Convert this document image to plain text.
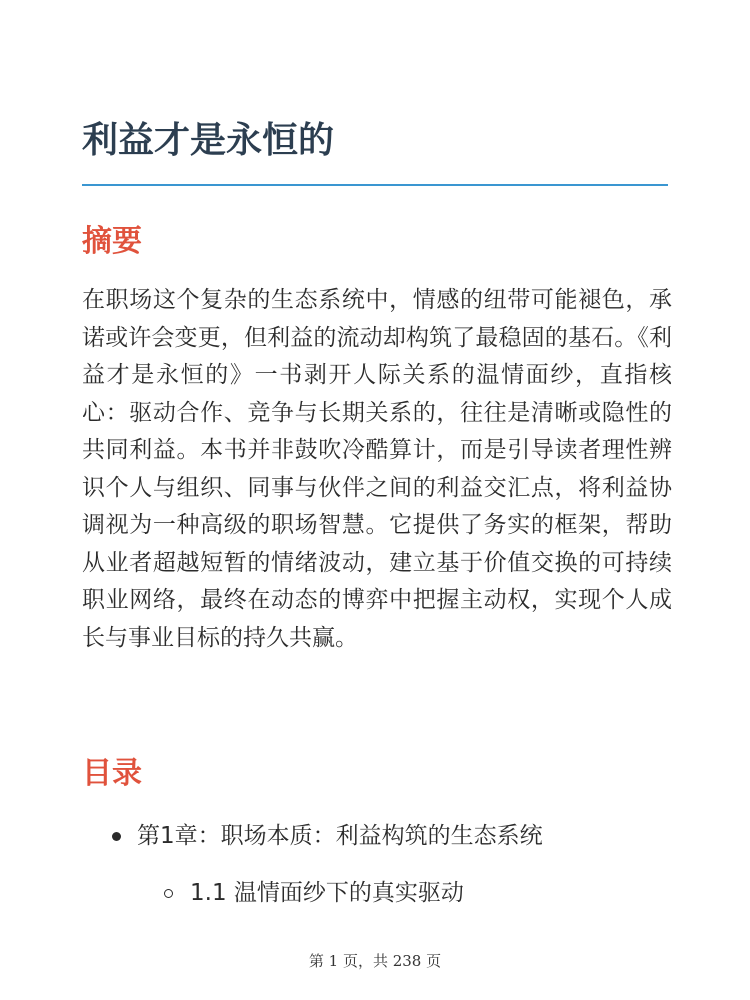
利益才是永恒的
摘要

在职场这个复杂的生态系统中，情感的纽带可能褪色，承诺或许会变更，但利益的流动却构筑了最稳固的基石。《利益才是永恒的》一书剥开人际关系的温情面纱，直指核心：驱动合作、竞争与长期关系的，往往是清晰或隐性的共同利益。本书并非鼓吹冷酷算计，而是引导读者理性辨识个人与组织、同事与伙伴之间的利益交汇点，将利益协调视为一种高级的职场智慧。它提供了务实的框架，帮助从业者超越短暂的情绪波动，建立基于价值交换的可持续职业网络，最终在动态的博弈中把握主动权，实现个人成长与事业目标的持久共赢。

目录
第1章：职场本质：利益构筑的生态系统
1.1 温情面纱下的真实驱动
第 1 页，共 238 页
